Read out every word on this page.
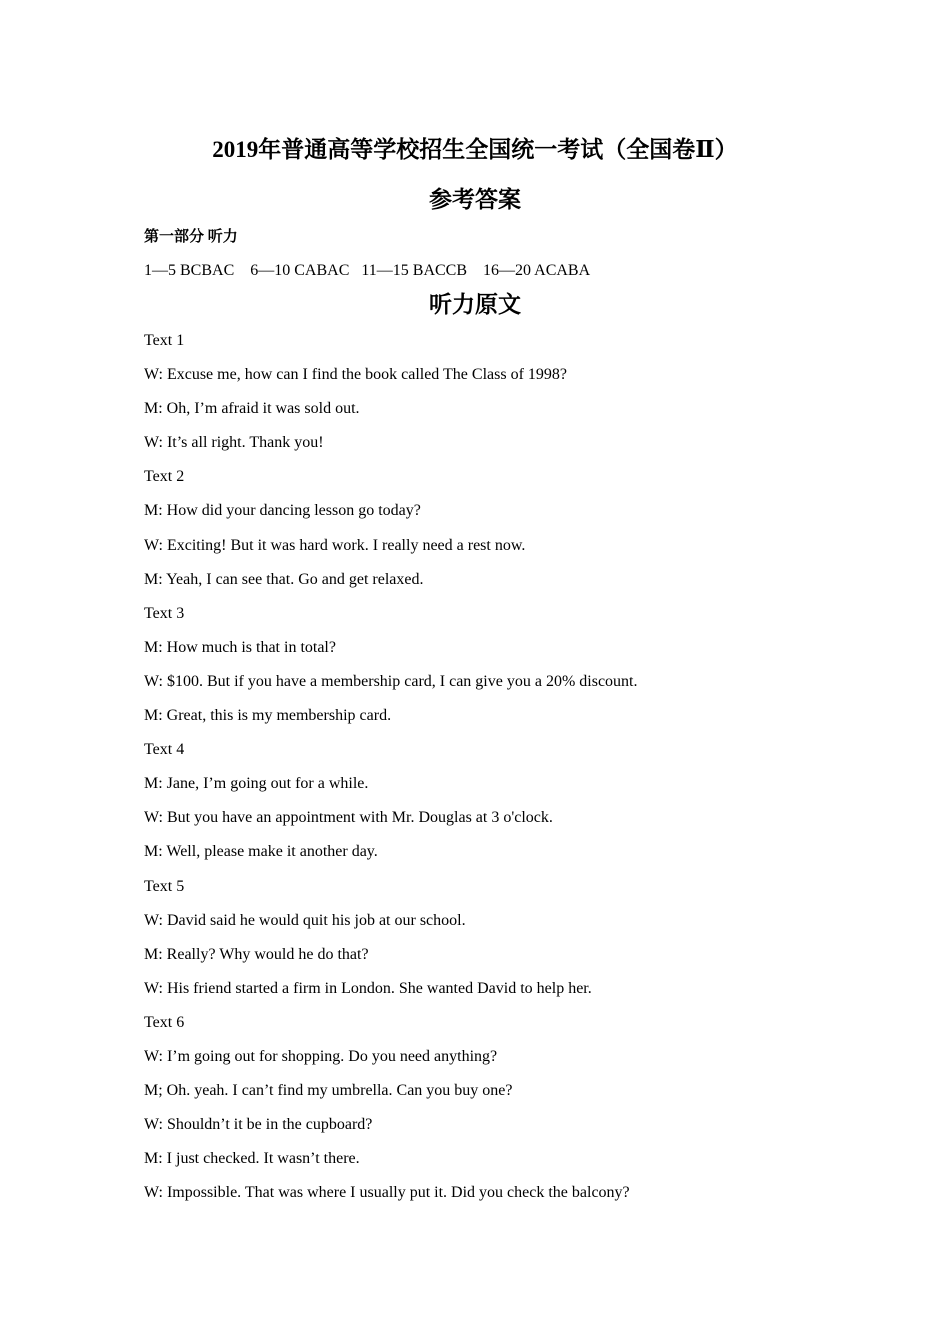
2019年普通高等学校招生全国统一考试（全国卷Ⅱ）
参考答案
第一部分 听力
1—5 BCBAC    6—10 CABAC   11—15 BACCB    16—20 ACABA
听力原文
Text 1
W: Excuse me, how can I find the book called The Class of 1998?
M: Oh, I’m afraid it was sold out.
W: It’s all right. Thank you!
Text 2
M: How did your dancing lesson go today?
W: Exciting! But it was hard work. I really need a rest now.
M: Yeah, I can see that. Go and get relaxed.
Text 3
M: How much is that in total?
W: $100. But if you have a membership card, I can give you a 20% discount.
M: Great, this is my membership card.
Text 4
M: Jane, I’m going out for a while.
W: But you have an appointment with Mr. Douglas at 3 o'clock.
M: Well, please make it another day.
Text 5
W: David said he would quit his job at our school.
M: Really? Why would he do that?
W: His friend started a firm in London. She wanted David to help her.
Text 6
W: I’m going out for shopping. Do you need anything?
M; Oh. yeah. I can’t find my umbrella. Can you buy one?
W: Shouldn’t it be in the cupboard?
M: I just checked. It wasn’t there.
W: Impossible. That was where I usually put it. Did you check the balcony?
